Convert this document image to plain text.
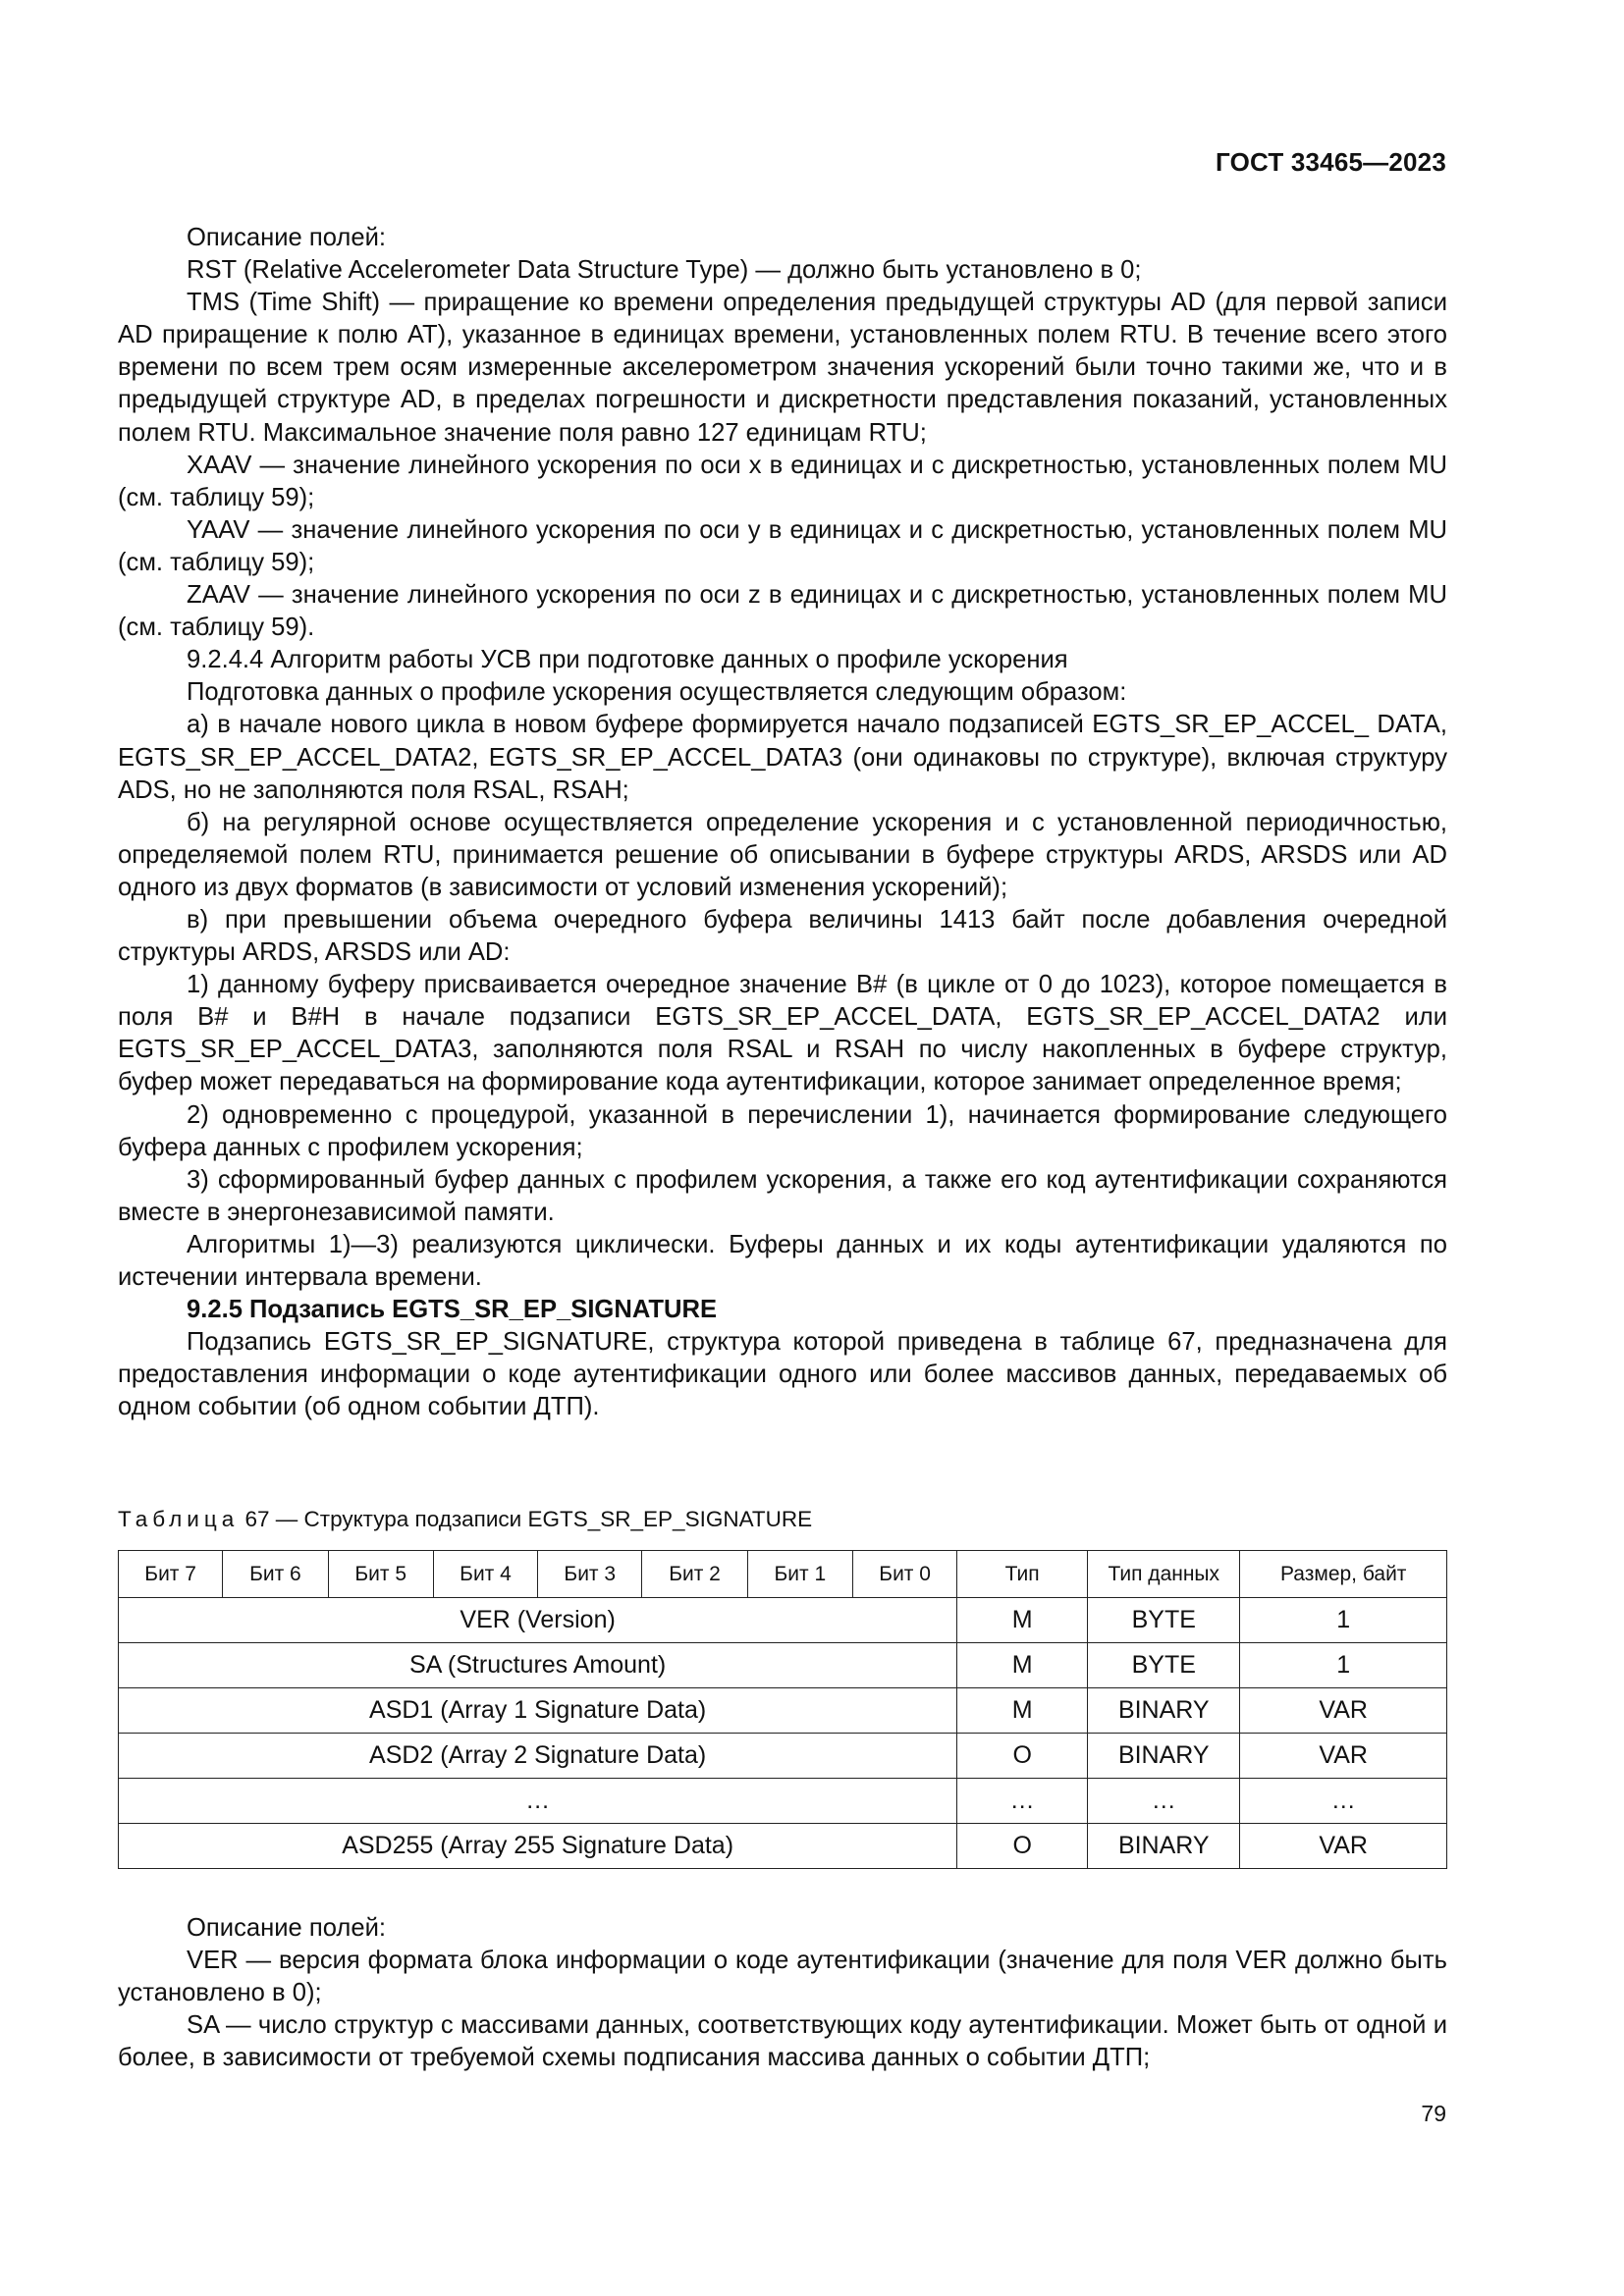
ГОСТ 33465—2023

Описание полей:

RST (Relative Accelerometer Data Structure Type) — должно быть установлено в 0;

TMS (Time Shift) — приращение ко времени определения предыдущей структуры AD (для первой записи AD приращение к полю AT), указанное в единицах времени, установленных полем RTU. В течение всего этого времени по всем трем осям измеренные акселерометром значения ускорений были точно такими же, что и в предыдущей структуре AD, в пределах погрешности и дискретности представления показаний, установленных полем RTU. Максимальное значение поля равно 127 единицам RTU;

XAAV — значение линейного ускорения по оси x в единицах и с дискретностью, установленных полем MU (см. таблицу 59);

YAAV — значение линейного ускорения по оси y в единицах и с дискретностью, установленных полем MU (см. таблицу 59);

ZAAV — значение линейного ускорения по оси z в единицах и с дискретностью, установленных полем MU (см. таблицу 59).

9.2.4.4 Алгоритм работы УСВ при подготовке данных о профиле ускорения

Подготовка данных о профиле ускорения осуществляется следующим образом:

а) в начале нового цикла в новом буфере формируется начало подзаписей EGTS_SR_EP_ACCEL_ DATA, EGTS_SR_EP_ACCEL_DATA2, EGTS_SR_EP_ACCEL_DATA3 (они одинаковы по структуре), включая структуру ADS, но не заполняются поля RSAL, RSAH;

б) на регулярной основе осуществляется определение ускорения и с установленной периодичностью, определяемой полем RTU, принимается решение об описывании в буфере структуры ARDS, ARSDS или AD одного из двух форматов (в зависимости от условий изменения ускорений);

в) при превышении объема очередного буфера величины 1413 байт после добавления очередной структуры ARDS, ARSDS или AD:

1) данному буферу присваивается очередное значение B# (в цикле от 0 до 1023), которое помещается в поля B# и B#H в начале подзаписи EGTS_SR_EP_ACCEL_DATA, EGTS_SR_EP_ACCEL_DATA2 или EGTS_SR_EP_ACCEL_DATA3, заполняются поля RSAL и RSAH по числу накопленных в буфере структур, буфер может передаваться на формирование кода аутентификации, которое занимает определенное время;

2) одновременно с процедурой, указанной в перечислении 1), начинается формирование следующего буфера данных с профилем ускорения;

3) сформированный буфер данных с профилем ускорения, а также его код аутентификации сохраняются вместе в энергонезависимой памяти.

Алгоритмы 1)—3) реализуются циклически. Буферы данных и их коды аутентификации удаляются по истечении интервала времени.

9.2.5 Подзапись EGTS_SR_EP_SIGNATURE

Подзапись EGTS_SR_EP_SIGNATURE, структура которой приведена в таблице 67, предназначена для предоставления информации о коде аутентификации одного или более массивов данных, передаваемых об одном событии (об одном событии ДТП).

Таблица 67 — Структура подзаписи EGTS_SR_EP_SIGNATURE
Бит 7	Бит 6	Бит 5	Бит 4	Бит 3	Бит 2	Бит 1	Бит 0	Тип	Тип данных	Размер, байт
VER (Version)								M	BYTE	1
SA (Structures Amount)								M	BYTE	1
ASD1 (Array 1 Signature Data)								M	BINARY	VAR
ASD2 (Array 2 Signature Data)								O	BINARY	VAR
…								…	…	…
ASD255 (Array 255 Signature Data)								O	BINARY	VAR

Описание полей:

VER — версия формата блока информации о коде аутентификации (значение для поля VER должно быть установлено в 0);

SA — число структур с массивами данных, соответствующих коду аутентификации. Может быть от одной и более, в зависимости от требуемой схемы подписания массива данных о событии ДТП;

79
